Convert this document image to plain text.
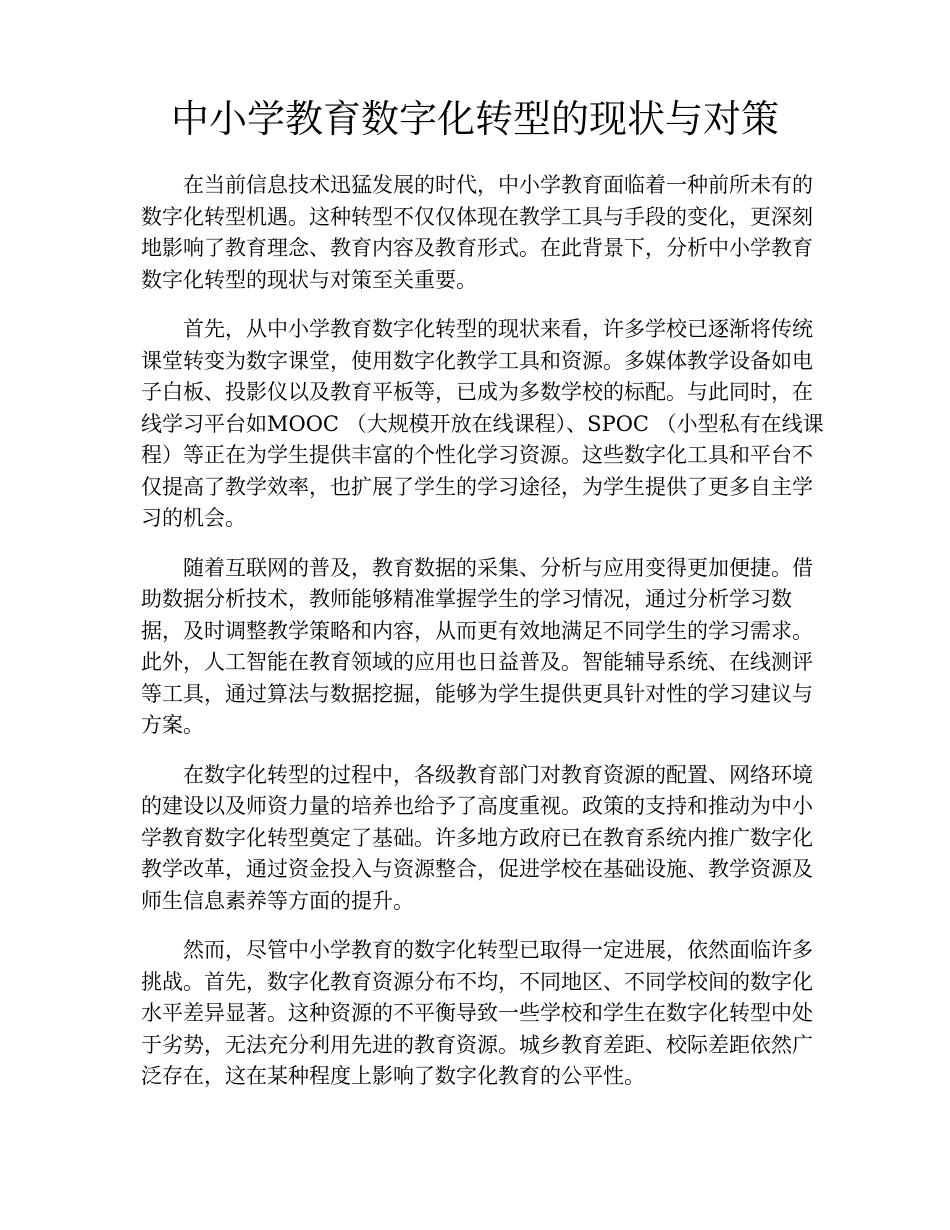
中小学教育数字化转型的现状与对策

在当前信息技术迅猛发展的时代，中小学教育面临着一种前所未有的数字化转型机遇。这种转型不仅仅体现在教学工具与手段的变化，更深刻地影响了教育理念、教育内容及教育形式。在此背景下，分析中小学教育数字化转型的现状与对策至关重要。

首先，从中小学教育数字化转型的现状来看，许多学校已逐渐将传统课堂转变为数字课堂，使用数字化教学工具和资源。多媒体教学设备如电子白板、投影仪以及教育平板等，已成为多数学校的标配。与此同时，在线学习平台如MOOC （大规模开放在线课程）、SPOC （小型私有在线课程）等正在为学生提供丰富的个性化学习资源。这些数字化工具和平台不仅提高了教学效率，也扩展了学生的学习途径，为学生提供了更多自主学习的机会。

随着互联网的普及，教育数据的采集、分析与应用变得更加便捷。借助数据分析技术，教师能够精准掌握学生的学习情况，通过分析学习数据，及时调整教学策略和内容，从而更有效地满足不同学生的学习需求。此外，人工智能在教育领域的应用也日益普及。智能辅导系统、在线测评等工具，通过算法与数据挖掘，能够为学生提供更具针对性的学习建议与方案。

在数字化转型的过程中，各级教育部门对教育资源的配置、网络环境的建设以及师资力量的培养也给予了高度重视。政策的支持和推动为中小学教育数字化转型奠定了基础。许多地方政府已在教育系统内推广数字化教学改革，通过资金投入与资源整合，促进学校在基础设施、教学资源及师生信息素养等方面的提升。

然而，尽管中小学教育的数字化转型已取得一定进展，依然面临许多挑战。首先，数字化教育资源分布不均，不同地区、不同学校间的数字化水平差异显著。这种资源的不平衡导致一些学校和学生在数字化转型中处于劣势，无法充分利用先进的教育资源。城乡教育差距、校际差距依然广泛存在，这在某种程度上影响了数字化教育的公平性。
